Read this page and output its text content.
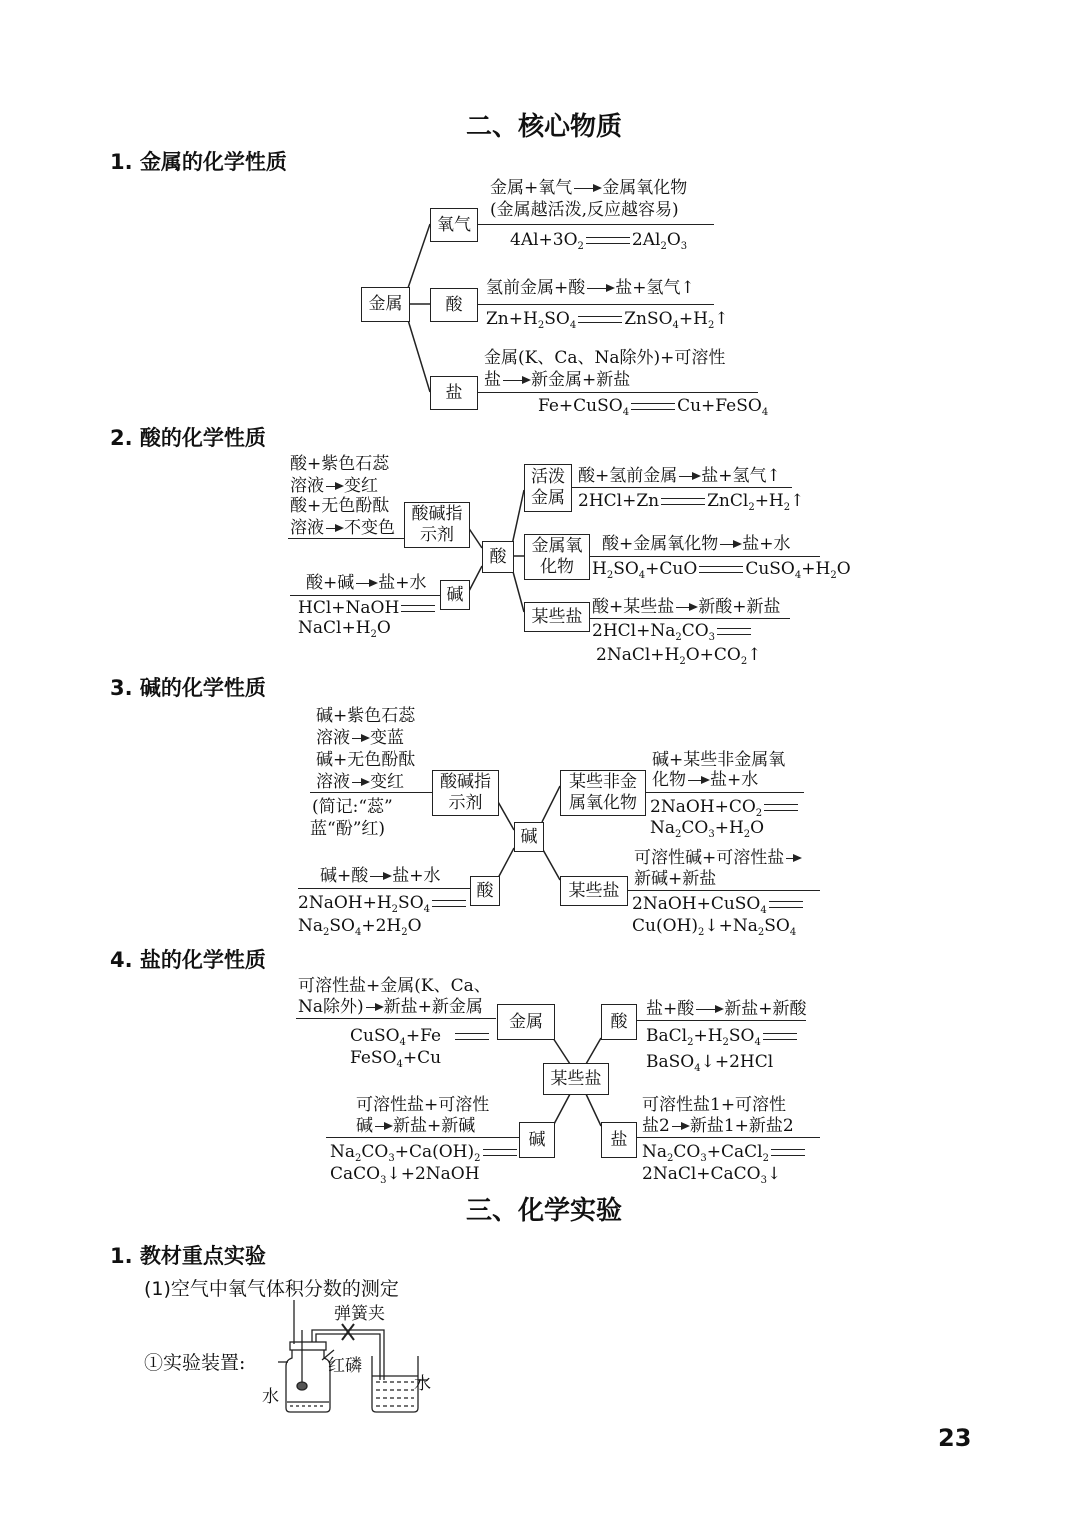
二、核心物质
1. 金属的化学性质
2. 酸的化学性质
3. 碱的化学性质
4. 盐的化学性质
三、化学实验
1. 教材重点实验
(1)空气中氧气体积分数的测定
金属
氧气
酸
盐
金属+氧气 金属氧化物
(金属越活泼,反应越容易)
$4Al+3O_2$	$2Al_2O_3$
氢前金属+酸 盐+氢气↑
$Zn+H_2SO_4$	$ZnSO_4+H_2↑$
金属(K、Ca、Na除外)+可溶性
盐 新金属+新盐
Fe+CuSO$_4$	Cu+FeSO$_4$
酸
酸碱指示剂
碱
活泼金属
金属氧化物
某些盐
酸+紫色石蕊
溶液 变红
酸+无色酚酞
溶液 不变色
酸+碱 盐+水
HCl+NaOH
$NaCl+H_2O$
酸+氢前金属 盐+氢气↑
2HCl+Zn	$ZnCl_2+H_2↑$
酸+金属氧化物 盐+水
$H_2SO_4+CuO$	$CuSO_4+H_2O$
酸+某些盐 新酸+新盐
$2HCl+Na_2CO_3$
$2NaCl+H_2O+CO_2↑$
碱
酸碱指示剂
某些非金属氧化物
酸	某些盐
碱+紫色石蕊
溶液 变蓝
碱+无色酚酞
溶液 变红
(简记:“蕊”
蓝“酚”红)
碱+某些非金属氧
化物 盐+水
$2NaOH+CO_2$
$Na_2CO_3+H_2O$
碱+酸 盐+水
$2NaOH+H_2SO_4$
$Na_2SO_4+2H_2O$
可溶性碱+可溶性盐
新碱+新盐
2NaOH+CuSO$_4$
$Cu(OH)_2↓+Na_2SO_4$
某些盐
金属	酸
碱	盐
可溶性盐+金属(K、Ca、
Na除外) 新盐+新金属
CuSO$_4$+Fe
FeSO$_4$+Cu
盐+酸 新盐+新酸
$BaCl_2+H_2SO_4$
BaSO$_4$↓+2HCl
可溶性盐+可溶性
碱 新盐+新碱
$Na_2CO_3+Ca(OH)_2$
CaCO$_3$↓+2NaOH
可溶性盐1+可溶性
盐2 新盐1+新盐2
$Na_2CO_3+CaCl_2$
2NaCl+CaCO$_3$↓
①实验装置:
弹簧夹
红磷
水
水
23
